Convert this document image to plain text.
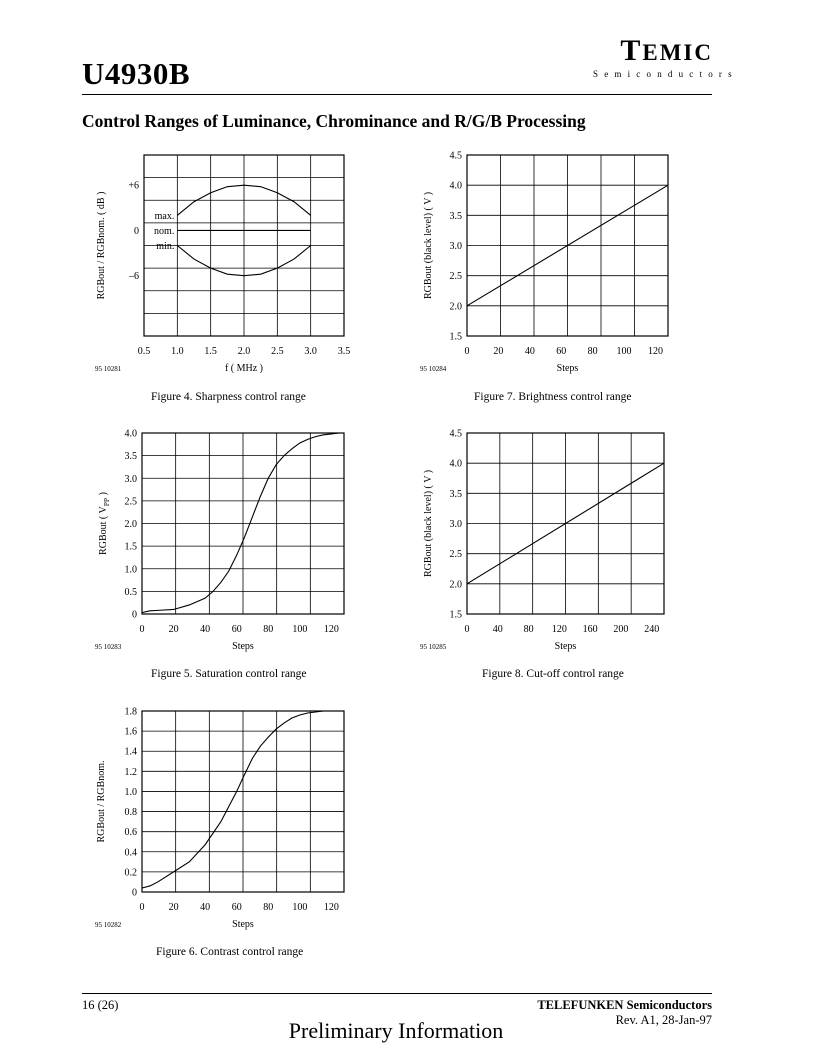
U4930B
TEMIC
Semiconductors
Control Ranges of Luminance, Chrominance and R/G/B Processing
0.5 1.0 1.5 2.0 2.5 3.0 3.5
+6
0
–6
f ( MHz )
RGBout / RGBnom. ( dB )
95 10281
Figure 4. Sharpness control range
max.
nom.
min.
0 20 40 60 80 100 120
1.5
2.0
2.5
3.0
3.5
4.0
4.5
Steps
RGBout (black level) ( V )
95 10284
Figure 7. Brightness control range
0 20 40 60 80 100 120
0
0.5
1.0
1.5
2.0
2.5
3.0
3.5
4.0
Steps
RGBout ( $V_{PP}$ )
95 10283
Figure 5. Saturation control range
0 40 80 120 160 200 240
1.5
2.0
2.5
3.0
3.5
4.0
4.5
Steps
RGBout (black level) ( V )
95 10285
Figure 8. Cut-off control range
0 20 40 60 80 100 120
0
0.2
0.4
0.6
0.8
1.0
1.2
1.4
1.6
1.8
Steps
RGBout / RGBnom.
95 10282
Figure 6. Contrast control range
16 (26)	TELEFUNKEN Semiconductors
Rev. A1, 28-Jan-97
Preliminary Information
